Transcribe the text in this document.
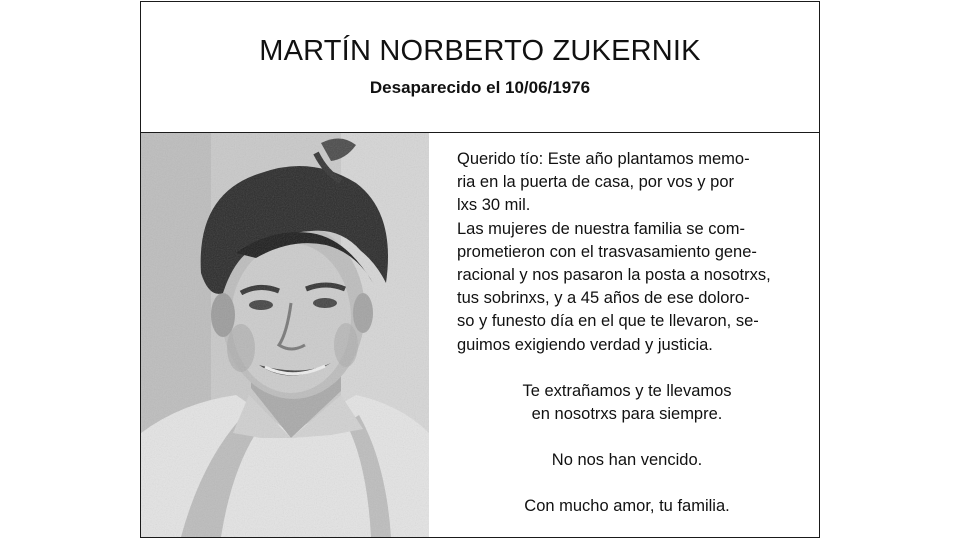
MARTÍN NORBERTO ZUKERNIK
Desaparecido el 10/06/1976

Querido tío: Este año plantamos memo-

ria en la puerta de casa, por vos y por

lxs 30 mil.

Las mujeres de nuestra familia se com-

prometieron con el trasvasamiento gene-

racional y nos pasaron la posta a nosotrxs,

tus sobrinxs, y a 45 años de ese doloro-

so y funesto día en el que te llevaron, se-

guimos exigiendo verdad y justicia.

Te extrañamos y te llevamos

en nosotrxs para siempre.

No nos han vencido.

Con mucho amor, tu familia.
